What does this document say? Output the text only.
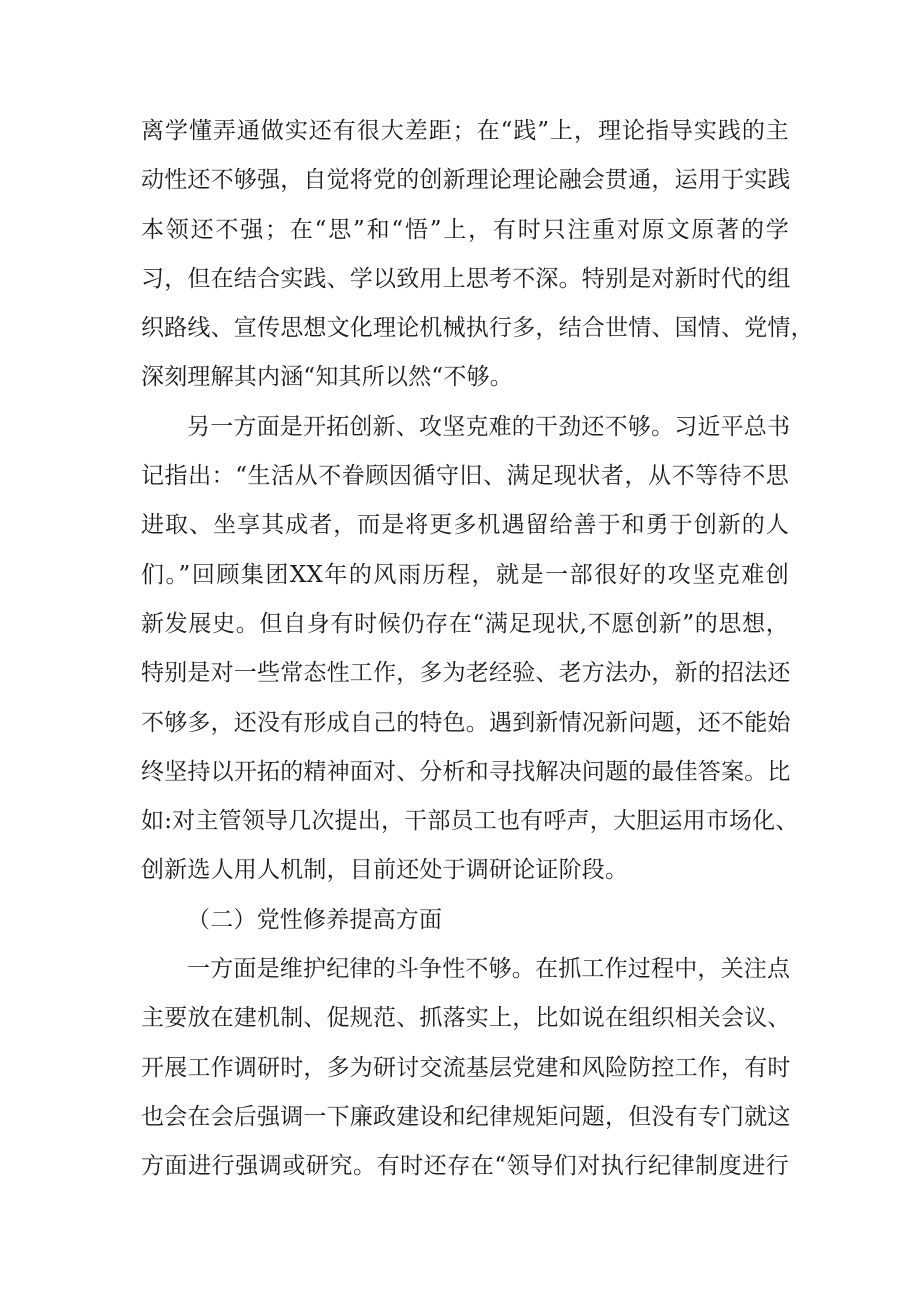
离学懂弄通做实还有很大差距；在“践”上，理论指导实践的主
动性还不够强，自觉将党的创新理论理论融会贯通，运用于实践
本领还不强；在“思”和“悟”上，有时只注重对原文原著的学
习，但在结合实践、学以致用上思考不深。特别是对新时代的组
织路线、宣传思想文化理论机械执行多，结合世情、国情、党情，
深刻理解其内涵“知其所以然“不够。
另一方面是开拓创新、攻坚克难的干劲还不够。习近平总书
记指出：“生活从不眷顾因循守旧、满足现状者，从不等待不思
进取、坐享其成者，而是将更多机遇留给善于和勇于创新的人
们。”回顾集团XX年的风雨历程，就是一部很好的攻坚克难创
新发展史。但自身有时候仍存在“满足现状,不愿创新”的思想，
特别是对一些常态性工作，多为老经验、老方法办，新的招法还
不够多，还没有形成自己的特色。遇到新情况新问题，还不能始
终坚持以开拓的精神面对、分析和寻找解决问题的最佳答案。比
如:对主管领导几次提出，干部员工也有呼声，大胆运用市场化、
创新选人用人机制，目前还处于调研论证阶段。
（二）党性修养提高方面
一方面是维护纪律的斗争性不够。在抓工作过程中，关注点
主要放在建机制、促规范、抓落实上，比如说在组织相关会议、
开展工作调研时，多为研讨交流基层党建和风险防控工作，有时
也会在会后强调一下廉政建设和纪律规矩问题，但没有专门就这
方面进行强调或研究。有时还存在“领导们对执行纪律制度进行
